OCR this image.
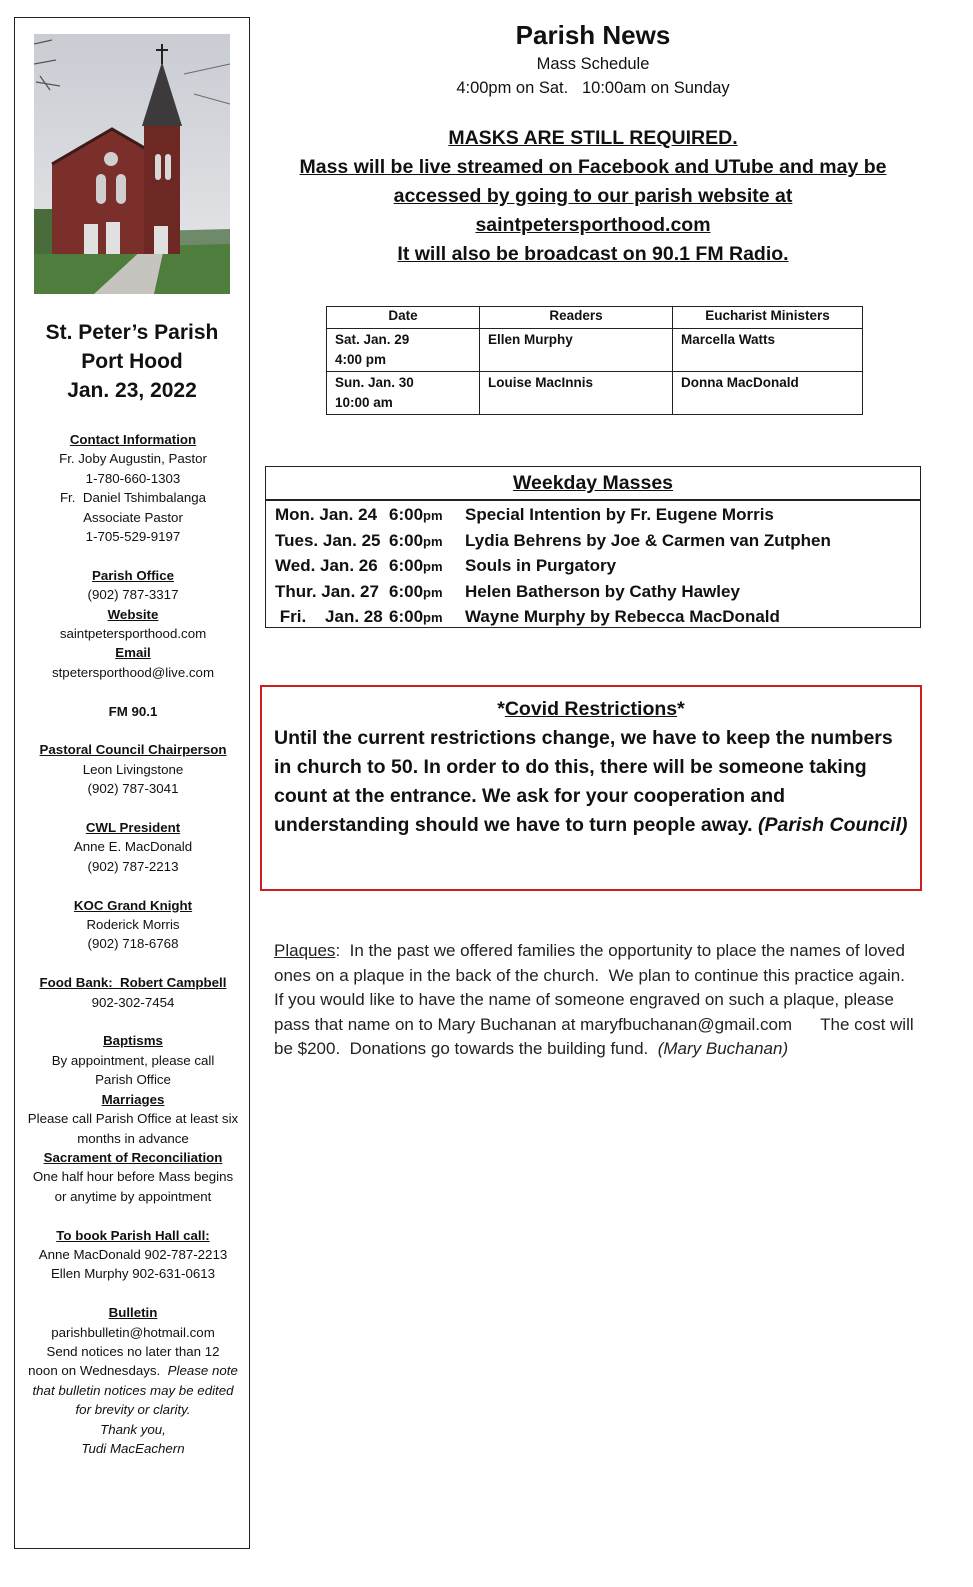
St. Peter’s Parish
Port Hood
Jan. 23, 2022
Contact Information
Fr. Joby Augustin, Pastor
1-780-660-1303
Fr.  Daniel Tshimbalanga
Associate Pastor
1-705-529-9197
Parish Office
(902) 787-3317
Website
saintpetersporthood.com
Email
stpetersporthood@live.com
FM 90.1
Pastoral Council Chairperson
Leon Livingstone
(902) 787-3041
CWL President
Anne E. MacDonald
(902) 787-2213
KOC Grand Knight
Roderick Morris
(902) 718-6768
Food Bank:  Robert Campbell
902-302-7454
Baptisms
By appointment, please call
Parish Office
Marriages
Please call Parish Office at least six
months in advance
Sacrament of Reconciliation
One half hour before Mass begins
or anytime by appointment
To book Parish Hall call:
Anne MacDonald 902-787-2213
Ellen Murphy 902-631-0613
Bulletin
parishbulletin@hotmail.com
Send notices no later than 12
noon on Wednesdays. Please note
that bulletin notices may be edited
for brevity or clarity.
Thank you,
Tudi MacEachern
Parish News
Mass Schedule
4:00pm on Sat.   10:00am on Sunday
MASKS ARE STILL REQUIRED.
Mass will be live streamed on Facebook and UTube and may be
accessed by going to our parish website at
saintpetersporthood.com
It will also be broadcast on 90.1 FM Radio.
Date	Readers	Eucharist Ministers

Sat. Jan. 29
4:00 pm	Ellen Murphy	Marcella Watts

Sun. Jan. 30
10:00 am	Louise MacInnis	Donna MacDonald
Weekday Masses
Mon. Jan. 24 6:00pm	Special Intention by Fr. Eugene Morris
Tues. Jan. 25 6:00pm	Lydia Behrens by Joe & Carmen van Zutphen
Wed. Jan. 26 6:00pm	Souls in Purgatory
Thur. Jan. 27 6:00pm	Helen Batherson by Cathy Hawley
Fri.    Jan. 28 6:00pm	Wayne Murphy by Rebecca MacDonald
*Covid Restrictions*
Until the current restrictions change, we have to keep the numbers in church to 50. In order to do this, there will be someone taking count at the entrance. We ask for your cooperation and understanding should we have to turn people away. (Parish Council)
Plaques:  In the past we offered families the opportunity to place the names of loved ones on a plaque in the back of the church.  We plan to continue this practice again.  If you would like to have the name of someone engraved on such a plaque, please pass that name on to Mary Buchanan at maryfbuchanan@gmail.com      The cost will be $200.  Donations go towards the building fund.  (Mary Buchanan)
